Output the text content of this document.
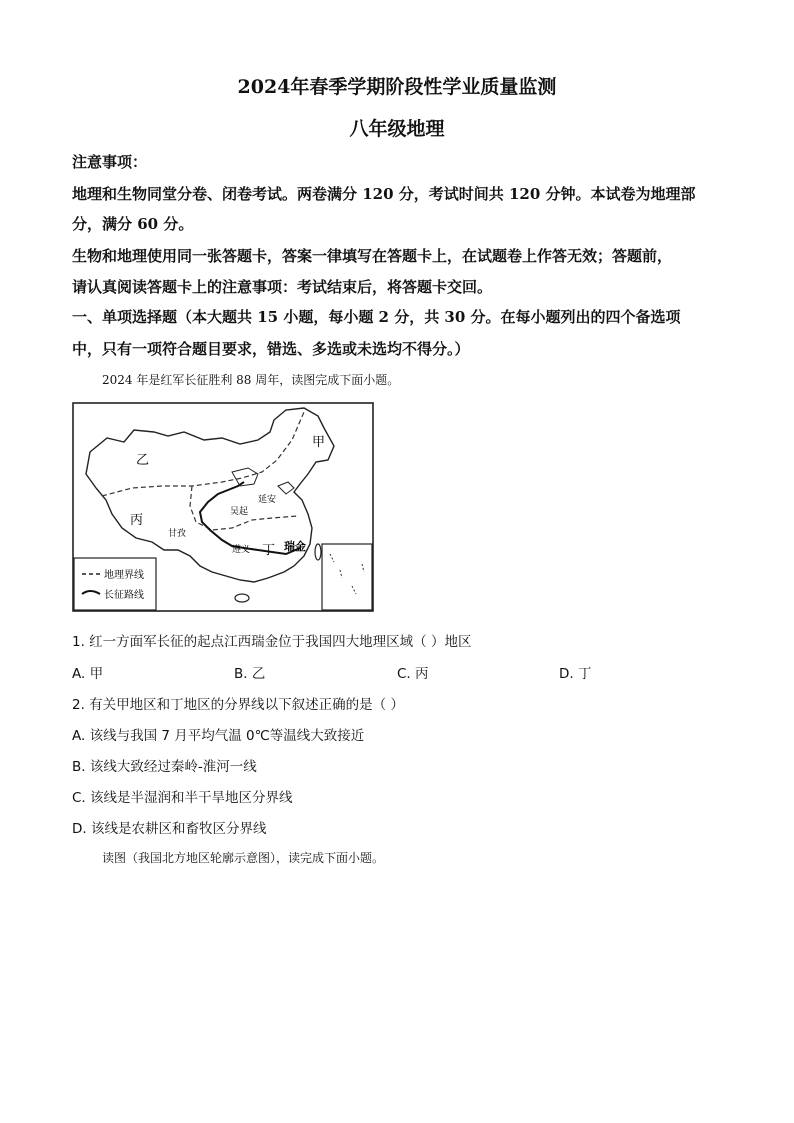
2024年春季学期阶段性学业质量监测
八年级地理
注意事项：
地理和生物同堂分卷、闭卷考试。两卷满分 120 分，考试时间共 120 分钟。本试卷为地理部
分，满分 60 分。
生物和地理使用同一张答题卡，答案一律填写在答题卡上，在试题卷上作答无效；答题前，
请认真阅读答题卡上的注意事项：考试结束后，将答题卡交回。
一、单项选择题（本大题共 15 小题，每小题 2 分，共 30 分。在每小题列出的四个备选项
中，只有一项符合题目要求，错选、多选或未选均不得分。）
2024 年是红军长征胜利 88 周年，读图完成下面小题。
甲
乙
丙
丁
延安
吴起
甘孜
遵义	瑞金
地理界线
长征路线
1. 红一方面军长征的起点江西瑞金位于我国四大地理区域（ ）地区
A. 甲	B. 乙	C. 丙	D. 丁
2. 有关甲地区和丁地区的分界线以下叙述正确的是（ ）
A. 该线与我国 7 月平均气温 0℃等温线大致接近
B. 该线大致经过秦岭-淮河一线
C. 该线是半湿润和半干旱地区分界线
D. 该线是农耕区和畜牧区分界线
读图（我国北方地区轮廓示意图），读完成下面小题。
